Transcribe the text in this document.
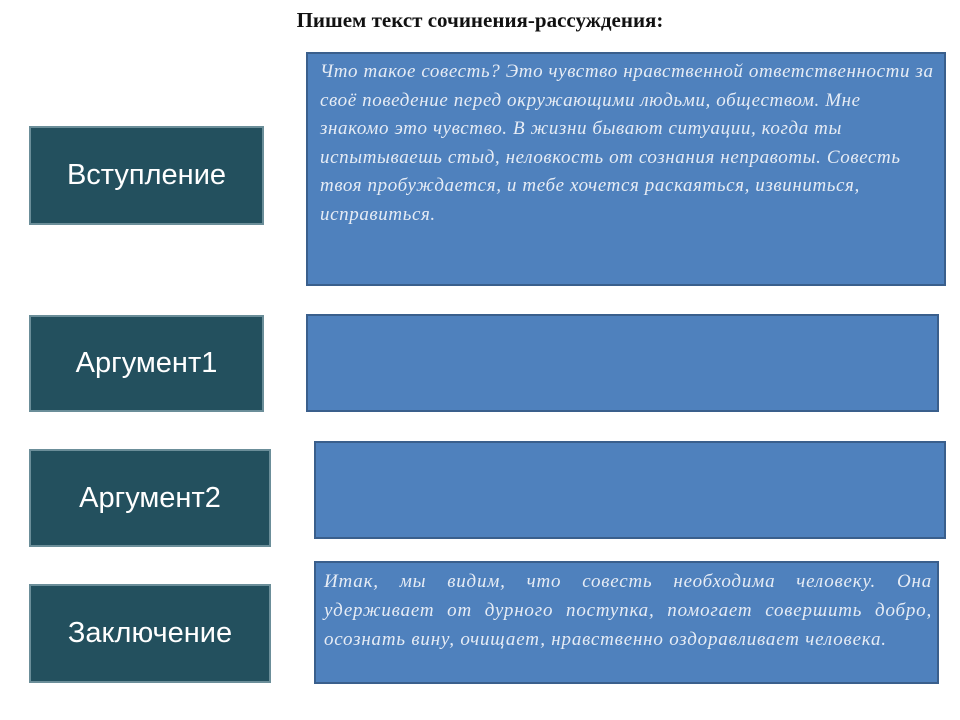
Пишем текст сочинения-рассуждения:
Вступление

Что такое совесть? Это чувство нравственной ответственности за своё поведение перед окружающими людьми, обществом. Мне знакомо это чувство. В жизни бывают ситуации, когда ты испытываешь стыд, неловкость от сознания неправоты. Совесть твоя пробуждается, и тебе хочется раскаяться, извиниться, исправиться.

Аргумент1

Аргумент2

Заключение

Итак, мы видим, что совесть необходима человеку. Она удерживает от дурного поступка, помогает совершить добро, осознать вину, очищает, нравственно оздоравливает человека.
